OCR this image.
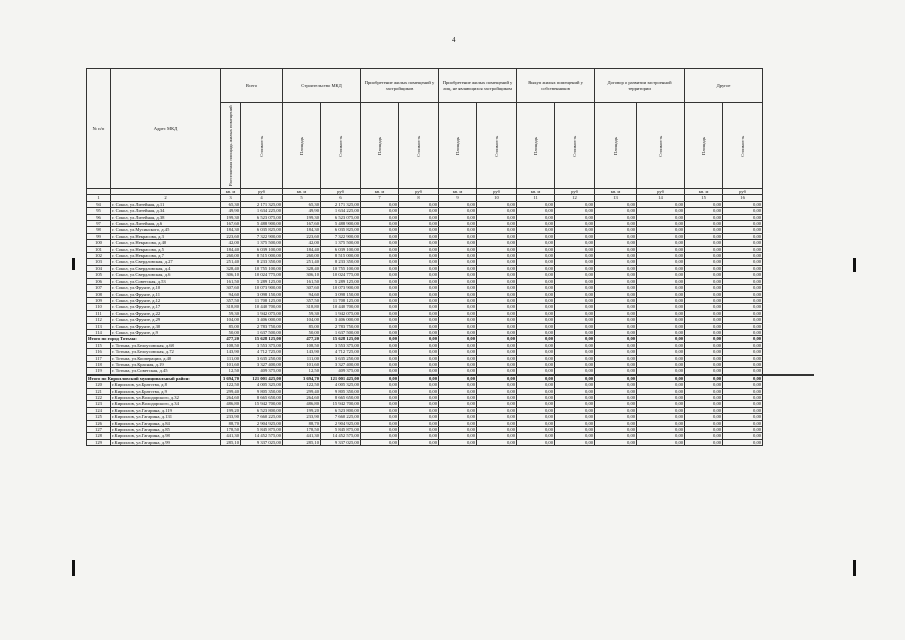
4
№ п/п	Адрес МКД	Всего		Строительство МКД		Приобретение жилых помещений у застройщиков		Приобретение жилых помещений у лиц, не являющихся застройщиком		Выкуп жилых помещений у собственников		Договор о развитии застроенной территории		Другое			

		Расселяемая площадь жилых помещений	Стоимость	Площадь	Стоимость	Площадь	Стоимость	Площадь	Стоимость	Площадь	Стоимость	Площадь	Стоимость	Площадь	Стоимость		

		кв. м	руб	кв. м	руб	кв. м	руб	кв. м	руб	кв. м	руб	кв. м	руб	кв. м	руб		
1	2	3	4	5	6	7	8	9	10	11	12	13	14	15	16		
94	г. Сокол, ул.Литейная, д.11	65,30	2 171 325,00	65,30	2 171 325,00	0,00	0,00	0,00	0,00	0,00	0,00	0,00	0,00	0,00	0,00		
95	г. Сокол, ул.Литейная, д.34	49,90	1 634 225,00	49,90	1 634 225,00	0,00	0,00	0,00	0,00	0,00	0,00	0,00	0,00	0,00	0,00		
96	г. Сокол, ул.Литейная, д.38	199,30	6 523 075,00	199,30	6 523 075,00	0,00	0,00	0,00	0,00	0,00	0,00	0,00	0,00	0,00	0,00		
97	г. Сокол, ул.Литейная, д.6	167,60	5 488 900,00	167,60	5 488 900,00	0,00	0,00	0,00	0,00	0,00	0,00	0,00	0,00	0,00	0,00		
98	г. Сокол, ул.Мусинского, д.45	184,30	6 035 825,00	184,30	6 035 825,00	0,00	0,00	0,00	0,00	0,00	0,00	0,00	0,00	0,00	0,00		
99	г. Сокол, ул.Некрасова, д.3	223,60	7 322 900,00	223,60	7 322 900,00	0,00	0,00	0,00	0,00	0,00	0,00	0,00	0,00	0,00	0,00		
100	г. Сокол, ул.Некрасова, д.40	42,00	1 375 500,00	42,00	1 375 500,00	0,00	0,00	0,00	0,00	0,00	0,00	0,00	0,00	0,00	0,00		
101	г. Сокол, ул.Некрасова, д.5	184,40	6 039 100,00	184,40	6 039 100,00	0,00	0,00	0,00	0,00	0,00	0,00	0,00	0,00	0,00	0,00		
102	г. Сокол, ул.Некрасова, д.7	260,00	8 515 000,00	260,00	8 515 000,00	0,00	0,00	0,00	0,00	0,00	0,00	0,00	0,00	0,00	0,00		
103	г. Сокол, ул.Свердловская, д.27	251,40	8 233 350,00	251,40	8 233 350,00	0,00	0,00	0,00	0,00	0,00	0,00	0,00	0,00	0,00	0,00		
104	г. Сокол, ул.Свердловская, д.4	328,40	10 755 100,00	328,40	10 755 100,00	0,00	0,00	0,00	0,00	0,00	0,00	0,00	0,00	0,00	0,00		
105	г. Сокол, ул.Свердловская, д.6	306,10	10 024 775,00	306,10	10 024 775,00	0,00	0,00	0,00	0,00	0,00	0,00	0,00	0,00	0,00	0,00		
106	г. Сокол, ул.Советская, д.53	161,50	5 289 125,00	161,50	5 289 125,00	0,00	0,00	0,00	0,00	0,00	0,00	0,00	0,00	0,00	0,00		
107	г. Сокол, ул.Фрунзе, д.10	307,60	10 073 900,00	307,60	10 073 900,00	0,00	0,00	0,00	0,00	0,00	0,00	0,00	0,00	0,00	0,00		
108	г. Сокол, ул.Фрунзе, д.11	94,60	3 098 150,00	94,60	3 098 150,00	0,00	0,00	0,00	0,00	0,00	0,00	0,00	0,00	0,00	0,00		
109	г. Сокол, ул.Фрунзе, д.12	357,50	11 708 125,00	357,50	11 708 125,00	0,00	0,00	0,00	0,00	0,00	0,00	0,00	0,00	0,00	0,00		
110	г. Сокол, ул.Фрунзе, д.17	318,80	10 440 700,00	318,80	10 440 700,00	0,00	0,00	0,00	0,00	0,00	0,00	0,00	0,00	0,00	0,00		
111	г. Сокол, ул.Фрунзе, д.22	59,30	1 942 075,00	59,30	1 942 075,00	0,00	0,00	0,00	0,00	0,00	0,00	0,00	0,00	0,00	0,00		
112	г. Сокол, ул.Фрунзе, д.29	104,00	3 406 000,00	104,00	3 406 000,00	0,00	0,00	0,00	0,00	0,00	0,00	0,00	0,00	0,00	0,00		
113	г. Сокол, ул.Фрунзе, д.30	85,00	2 783 750,00	85,00	2 783 750,00	0,00	0,00	0,00	0,00	0,00	0,00	0,00	0,00	0,00	0,00		
114	г. Сокол, ул.Фрунзе, д.9	50,00	1 637 500,00	50,00	1 637 500,00	0,00	0,00	0,00	0,00	0,00	0,00	0,00	0,00	0,00	0,00		
Итого по город Тотьма:		477,20	15 628 125,00	477,20	15 628 125,00	0,00	0,00	0,00	0,00	0,00	0,00	0,00	0,00	0,00	0,00		
115	г. Тотьма, ул.Белоусовская, д.68	108,50	3 553 375,00	108,50	3 553 375,00	0,00	0,00	0,00	0,00	0,00	0,00	0,00	0,00	0,00	0,00		
116	г. Тотьма, ул.Белоусовская, д.72	143,90	4 712 725,00	143,90	4 712 725,00	0,00	0,00	0,00	0,00	0,00	0,00	0,00	0,00	0,00	0,00		
117	г. Тотьма, ул.Кооперации, д.40	111,00	3 635 250,00	111,00	3 635 250,00	0,00	0,00	0,00	0,00	0,00	0,00	0,00	0,00	0,00	0,00		
118	г. Тотьма, ул.Красная, д.19	101,60	3 327 400,00	101,60	3 327 400,00	0,00	0,00	0,00	0,00	0,00	0,00	0,00	0,00	0,00	0,00		
119	г. Тотьма, ул.Советская, д.45	12,50	409 375,00	12,50	409 375,00	0,00	0,00	0,00	0,00	0,00	0,00	0,00	0,00	0,00	0,00		

Итого по Кирилловский муниципальный район:		3 694,70	121 001 425,00	3 694,70	121 001 425,00	0,00	0,00	0,00	0,00	0,00	0,00	0,00	0,00	0,00	0,00		
120	г.Кириллов, ул.Братства, д.8	122,50	4 005 325,00	122,50	4 005 325,00	0,00	0,00	0,00	0,00	0,00	0,00	0,00	0,00	0,00	0,00		
121	г.Кириллов, ул.Братства, д.9	299,40	9 805 350,00	299,40	9 805 350,00	0,00	0,00	0,00	0,00	0,00	0,00	0,00	0,00	0,00	0,00		
122	г.Кириллов, ул.Володарского, д.32	264,60	8 665 650,00	264,60	8 665 650,00	0,00	0,00	0,00	0,00	0,00	0,00	0,00	0,00	0,00	0,00		
123	г.Кириллов, ул.Володарского, д.34	486,80	15 942 700,00	486,80	15 942 700,00	0,00	0,00	0,00	0,00	0,00	0,00	0,00	0,00	0,00	0,00		
124	г.Кириллов, ул.Гагарина, д.119	199,20	6 523 800,00	199,20	6 523 800,00	0,00	0,00	0,00	0,00	0,00	0,00	0,00	0,00	0,00	0,00		
125	г.Кириллов, ул.Гагарина, д.131	233,90	7 660 225,00	233,90	7 660 225,00	0,00	0,00	0,00	0,00	0,00	0,00	0,00	0,00	0,00	0,00		
126	г.Кириллов, ул.Гагарина, д.84	88,70	2 904 925,00	88,70	2 904 925,00	0,00	0,00	0,00	0,00	0,00	0,00	0,00	0,00	0,00	0,00		
127	г.Кириллов, ул.Гагарина, д.85	178,50	5 845 875,00	178,50	5 845 875,00	0,00	0,00	0,00	0,00	0,00	0,00	0,00	0,00	0,00	0,00		
128	г.Кириллов, ул.Гагарина, д.98	441,30	14 452 575,00	441,30	14 452 575,00	0,00	0,00	0,00	0,00	0,00	0,00	0,00	0,00	0,00	0,00		
129	г.Кириллов, ул.Гагарина, д.99	285,10	9 337 025,00	285,10	9 337 025,00	0,00	0,00	0,00	0,00	0,00	0,00	0,00	0,00	0,00	0,00		
